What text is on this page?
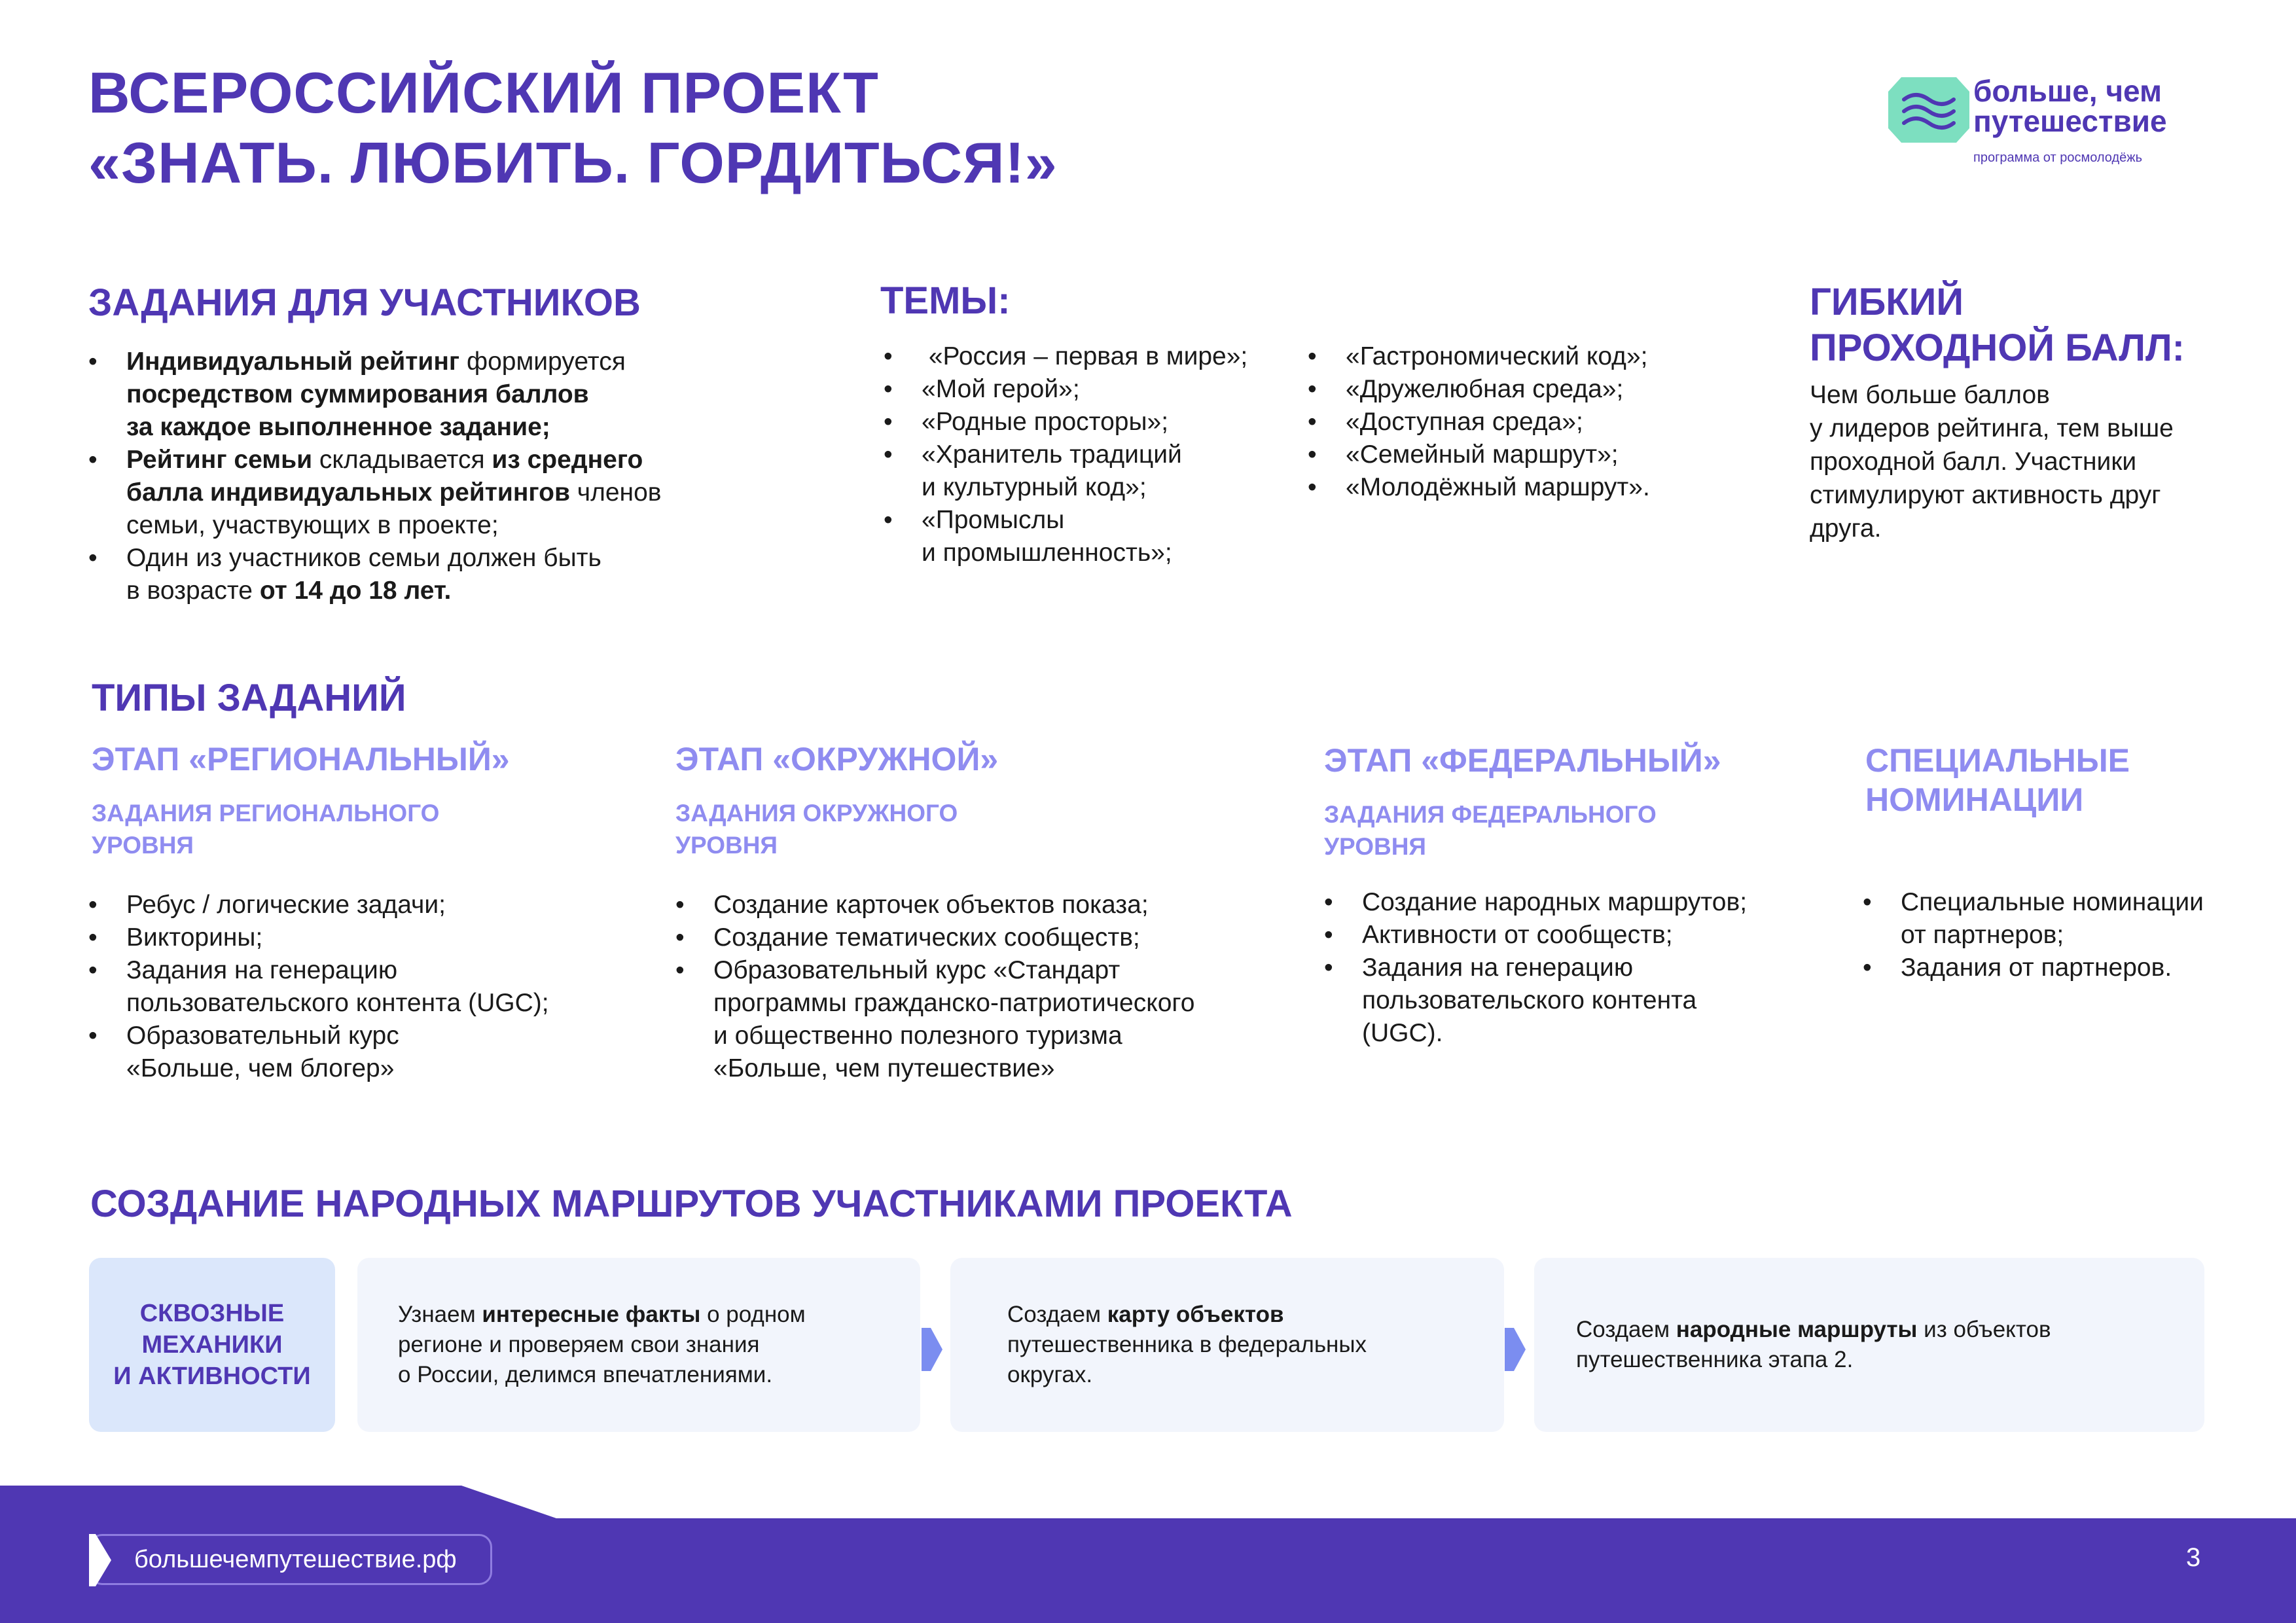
ВСЕРОССИЙСКИЙ ПРОЕКТ
«ЗНАТЬ. ЛЮБИТЬ. ГОРДИТЬСЯ!»
больше, чем
путешествие
программа от росмолодёжь
ЗАДАНИЯ ДЛЯ УЧАСТНИКОВ
• Индивидуальный рейтинг формируется
посредством суммирования баллов
за каждое выполненное задание;
• Рейтинг семьи складывается из среднего
балла индивидуальных рейтингов членов
семьи, участвующих в проекте;
• Один из участников семьи должен быть
в возрасте от 14 до 18 лет.
ТЕМЫ:
• «Россия – первая в мире»;
• «Мой герой»;
• «Родные просторы»;
• «Хранитель традиций
и культурный код»;
• «Промыслы
и промышленность»;
• «Гастрономический код»;
• «Дружелюбная среда»;
• «Доступная среда»;
• «Семейный маршрут»;
• «Молодёжный маршрут».
ГИБКИЙ
ПРОХОДНОЙ БАЛЛ:
Чем больше баллов
у лидеров рейтинга, тем выше
проходной балл. Участники
стимулируют активность друг
друга.
ТИПЫ ЗАДАНИЙ
ЭТАП «РЕГИОНАЛЬНЫЙ»
ЗАДАНИЯ РЕГИОНАЛЬНОГО
УРОВНЯ
• Ребус / логические задачи;
• Викторины;
• Задания на генерацию
пользовательского контента (UGC);
• Образовательный курс
«Больше, чем блогер»
ЭТАП «ОКРУЖНОЙ»
ЗАДАНИЯ ОКРУЖНОГО
УРОВНЯ
• Создание карточек объектов показа;
• Создание тематических сообществ;
• Образовательный курс «Стандарт
программы гражданско-патриотического
и общественно полезного туризма
«Больше, чем путешествие»
ЭТАП «ФЕДЕРАЛЬНЫЙ»
ЗАДАНИЯ ФЕДЕРАЛЬНОГО
УРОВНЯ
• Создание народных маршрутов;
• Активности от сообществ;
• Задания на генерацию
пользовательского контента
(UGC).
СПЕЦИАЛЬНЫЕ
НОМИНАЦИИ
• Специальные номинации
от партнеров;
• Задания от партнеров.
СОЗДАНИЕ НАРОДНЫХ МАРШРУТОВ УЧАСТНИКАМИ ПРОЕКТА
СКВОЗНЫЕ
МЕХАНИКИ
И АКТИВНОСТИ
Узнаем интересные факты о родном
регионе и проверяем свои знания
о России, делимся впечатлениями.
Создаем карту объектов
путешественника в федеральных
округах.
Создаем народные маршруты из объектов
путешественника этапа 2.
большечемпутешествие.рф	3
